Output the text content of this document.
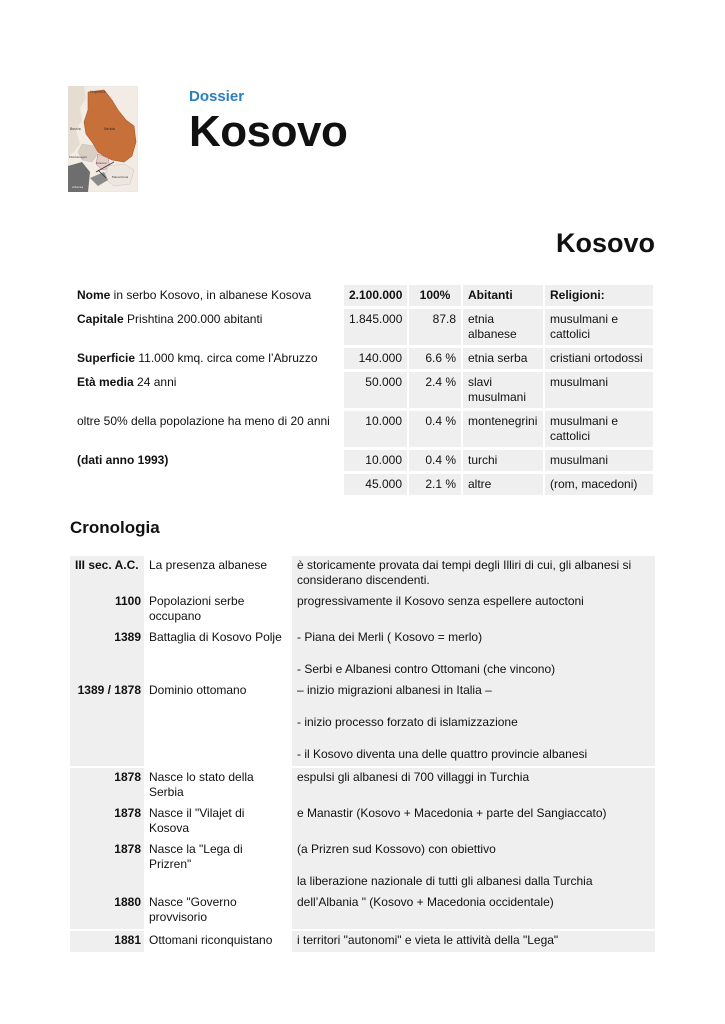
Ungheria
Bosnia	Serbia
Montenegro
Kosovo
Albania
Macedonia
Dossier
Kosovo
Kosovo
Nome in serbo Kosovo, in albanese Kosova	2.100.000	100%	Abitanti	Religioni:
Capitale Prishtina 200.000 abitanti	1.845.000	87.8	etnia albanese	musulmani e cattolici
Superficie 11.000 kmq. circa come l’Abruzzo	140.000	6.6 %	etnia serba	cristiani ortodossi
Età media 24 anni	50.000	2.4 %	slavi musulmani	musulmani
oltre 50% della popolazione ha meno di 20 anni	10.000	0.4 %	montenegrini	musulmani e cattolici
(dati anno 1993)	10.000	0.4 %	turchi	musulmani
	45.000	2.1 %	altre	(rom, macedoni)
Cronologia
III sec. A.C.	La presenza albanese	è storicamente provata dai tempi degli Illiri di cui, gli albanesi si considerano discendenti.
1100	Popolazioni serbe occupano	progressivamente il Kosovo senza espellere autoctoni
1389	Battaglia di Kosovo Polje	- Piana dei Merli ( Kosovo = merlo)
- Serbi e Albanesi contro Ottomani (che vincono)
1389 / 1878	Dominio ottomano	– inizio migrazioni albanesi in Italia –
- inizio processo forzato di islamizzazione
- il Kosovo diventa una delle quattro provincie albanesi
1878	Nasce lo stato della Serbia	espulsi gli albanesi di 700 villaggi in Turchia
1878	Nasce il "Vilajet di Kosova	e Manastir (Kosovo + Macedonia + parte del Sangiaccato)
1878	Nasce la "Lega di Prizren"	(a Prizren sud Kossovo) con obiettivo
la liberazione nazionale di tutti gli albanesi dalla Turchia
1880	Nasce "Governo provvisorio	dell’Albania " (Kosovo + Macedonia occidentale)
1881	Ottomani riconquistano	i territori "autonomi" e vieta le attività della "Lega"
